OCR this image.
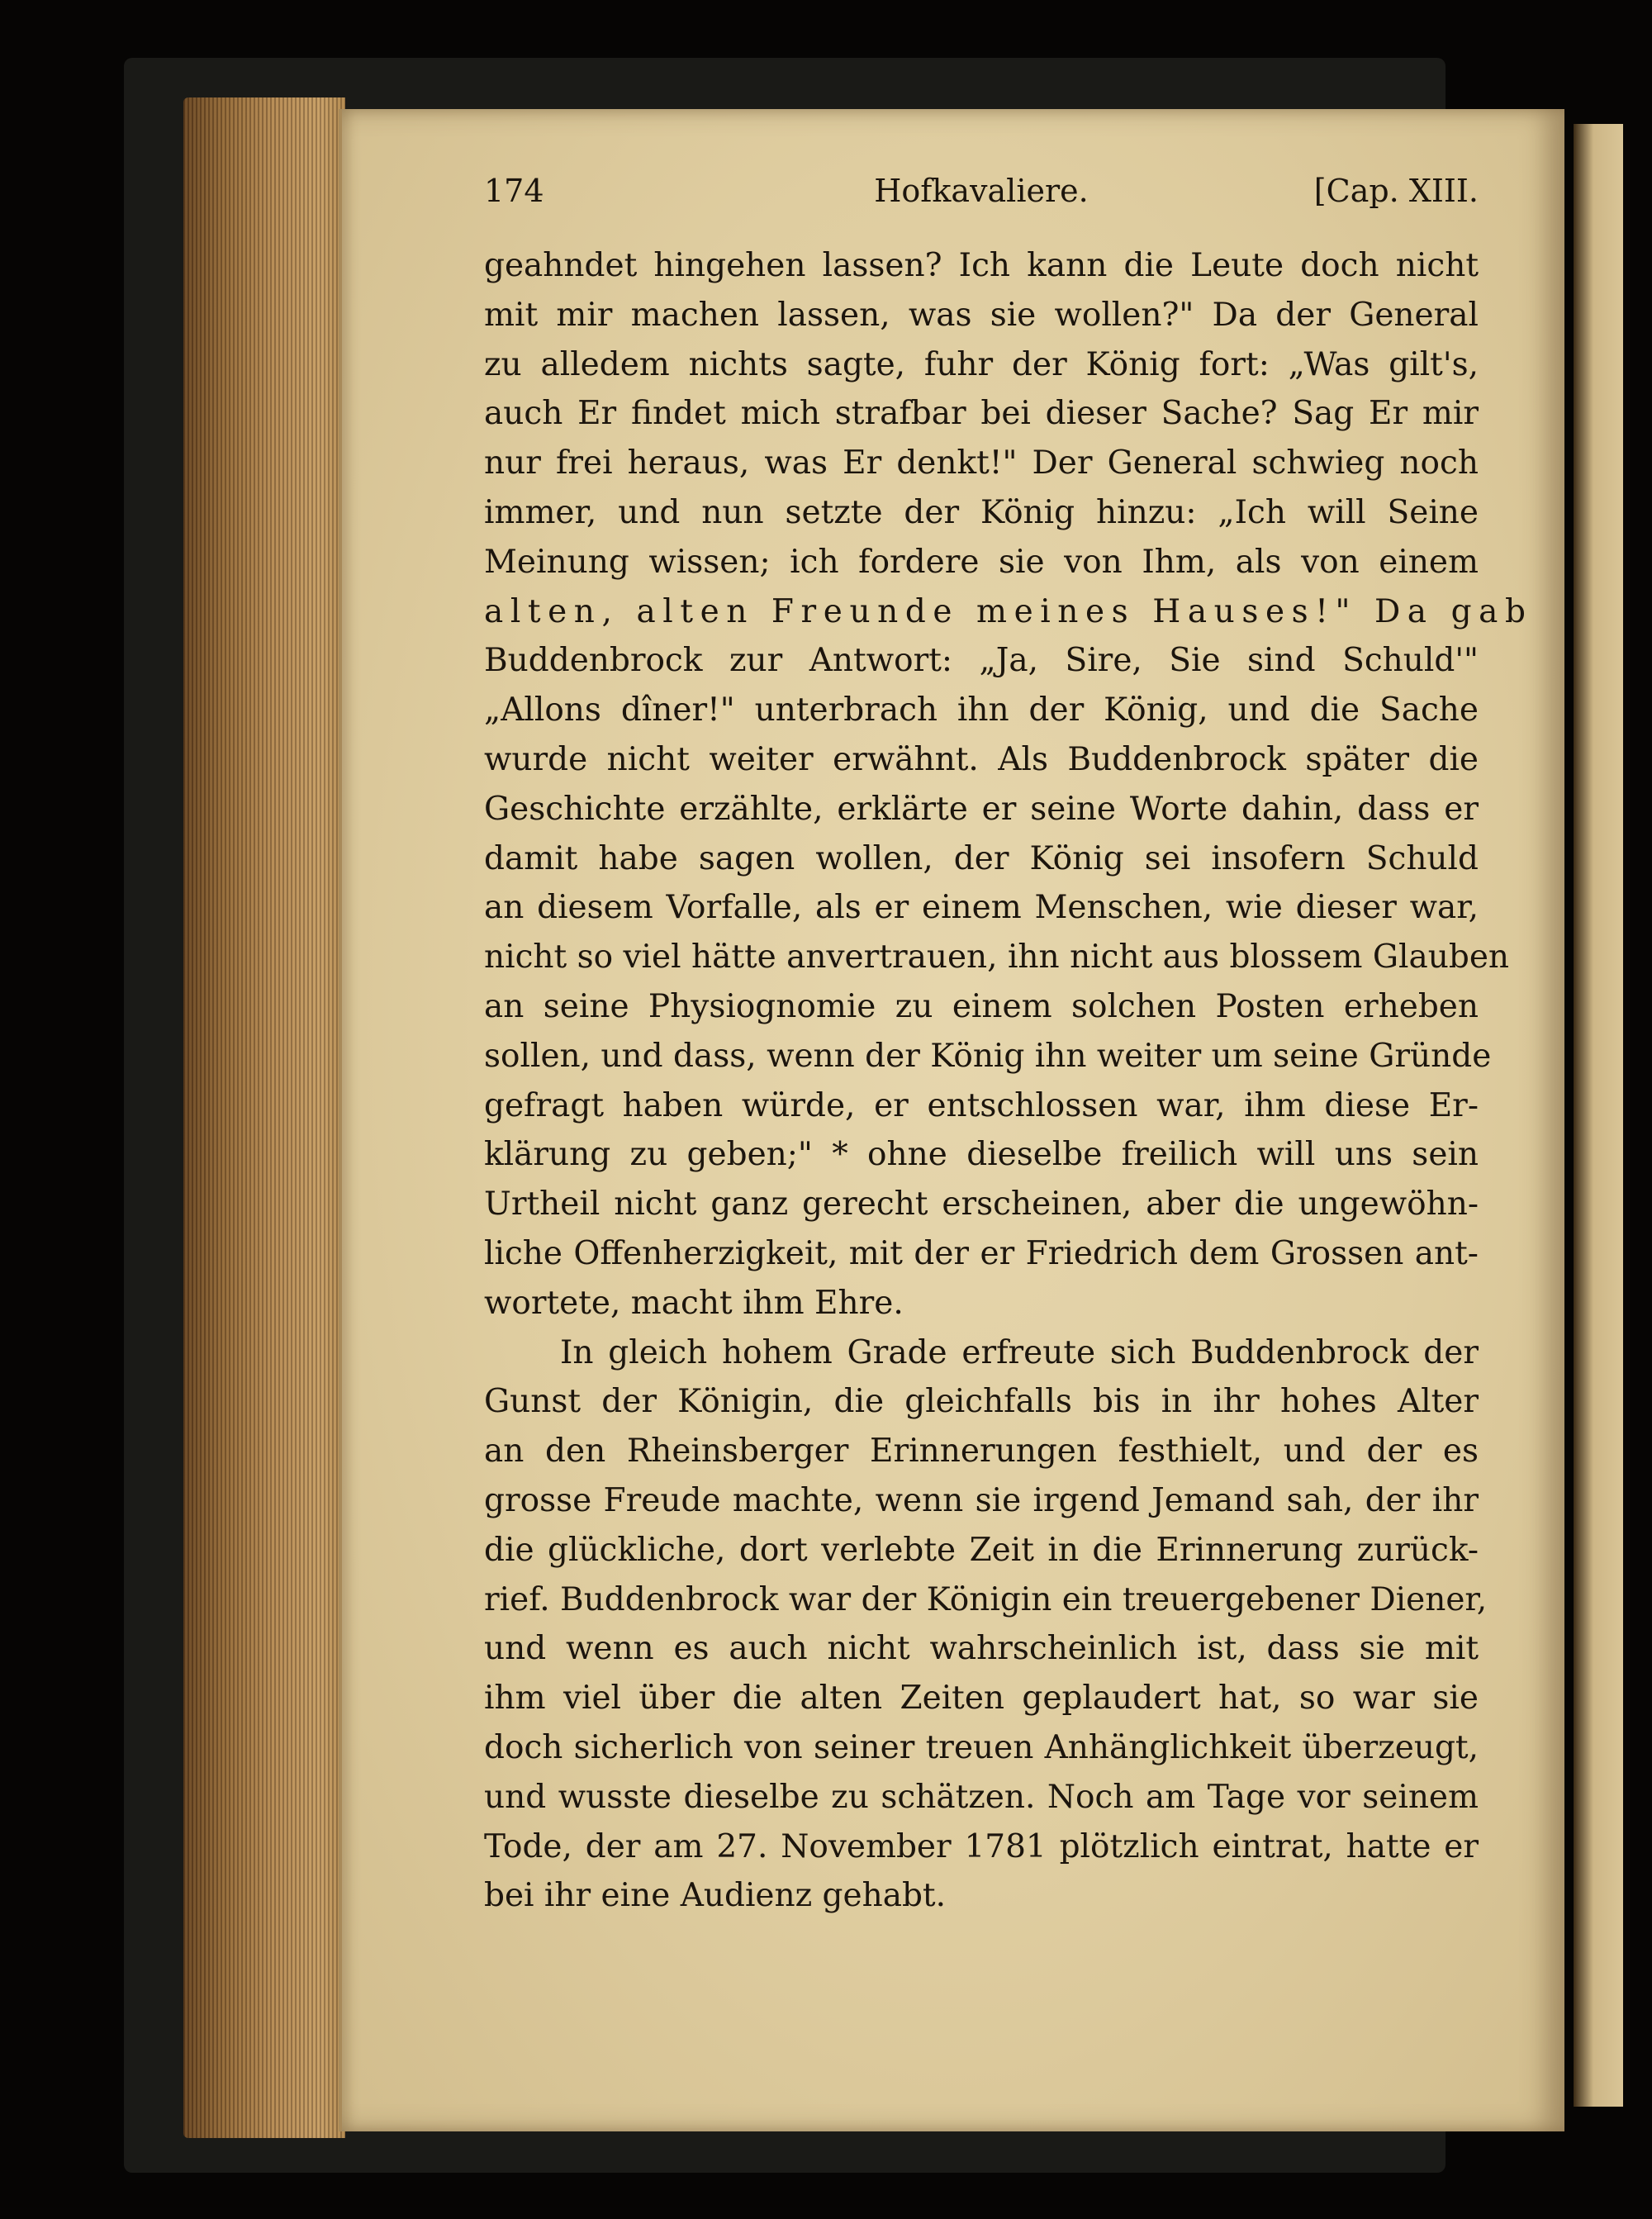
174	Hofkavaliere.	[Cap. XIII.
geahndet hingehen lassen? Ich kann die Leute doch nicht
mit mir machen lassen, was sie wollen?" Da der General
zu alledem nichts sagte, fuhr der König fort: „Was gilt's,
auch Er findet mich strafbar bei dieser Sache? Sag Er mir
nur frei heraus, was Er denkt!" Der General schwieg noch
immer, und nun setzte der König hinzu: „Ich will Seine
Meinung wissen; ich fordere sie von Ihm, als von einem
alten, alten Freunde meines Hauses!" Da gab
Buddenbrock zur Antwort: „Ja, Sire, Sie sind Schuld'"
„Allons dîner!" unterbrach ihn der König, und die Sache
wurde nicht weiter erwähnt. Als Buddenbrock später die
Geschichte erzählte, erklärte er seine Worte dahin, dass er
damit habe sagen wollen, der König sei insofern Schuld
an diesem Vorfalle, als er einem Menschen, wie dieser war,
nicht so viel hätte anvertrauen, ihn nicht aus blossem Glauben
an seine Physiognomie zu einem solchen Posten erheben
sollen, und dass, wenn der König ihn weiter um seine Gründe
gefragt haben würde, er entschlossen war, ihm diese Er-
klärung zu geben;" * ohne dieselbe freilich will uns sein
Urtheil nicht ganz gerecht erscheinen, aber die ungewöhn-
liche Offenherzigkeit, mit der er Friedrich dem Grossen ant-
wortete, macht ihm Ehre.
In gleich hohem Grade erfreute sich Buddenbrock der
Gunst der Königin, die gleichfalls bis in ihr hohes Alter
an den Rheinsberger Erinnerungen festhielt, und der es
grosse Freude machte, wenn sie irgend Jemand sah, der ihr
die glückliche, dort verlebte Zeit in die Erinnerung zurück-
rief. Buddenbrock war der Königin ein treuergebener Diener,
und wenn es auch nicht wahrscheinlich ist, dass sie mit
ihm viel über die alten Zeiten geplaudert hat, so war sie
doch sicherlich von seiner treuen Anhänglichkeit überzeugt,
und wusste dieselbe zu schätzen. Noch am Tage vor seinem
Tode, der am 27. November 1781 plötzlich eintrat, hatte er
bei ihr eine Audienz gehabt.
